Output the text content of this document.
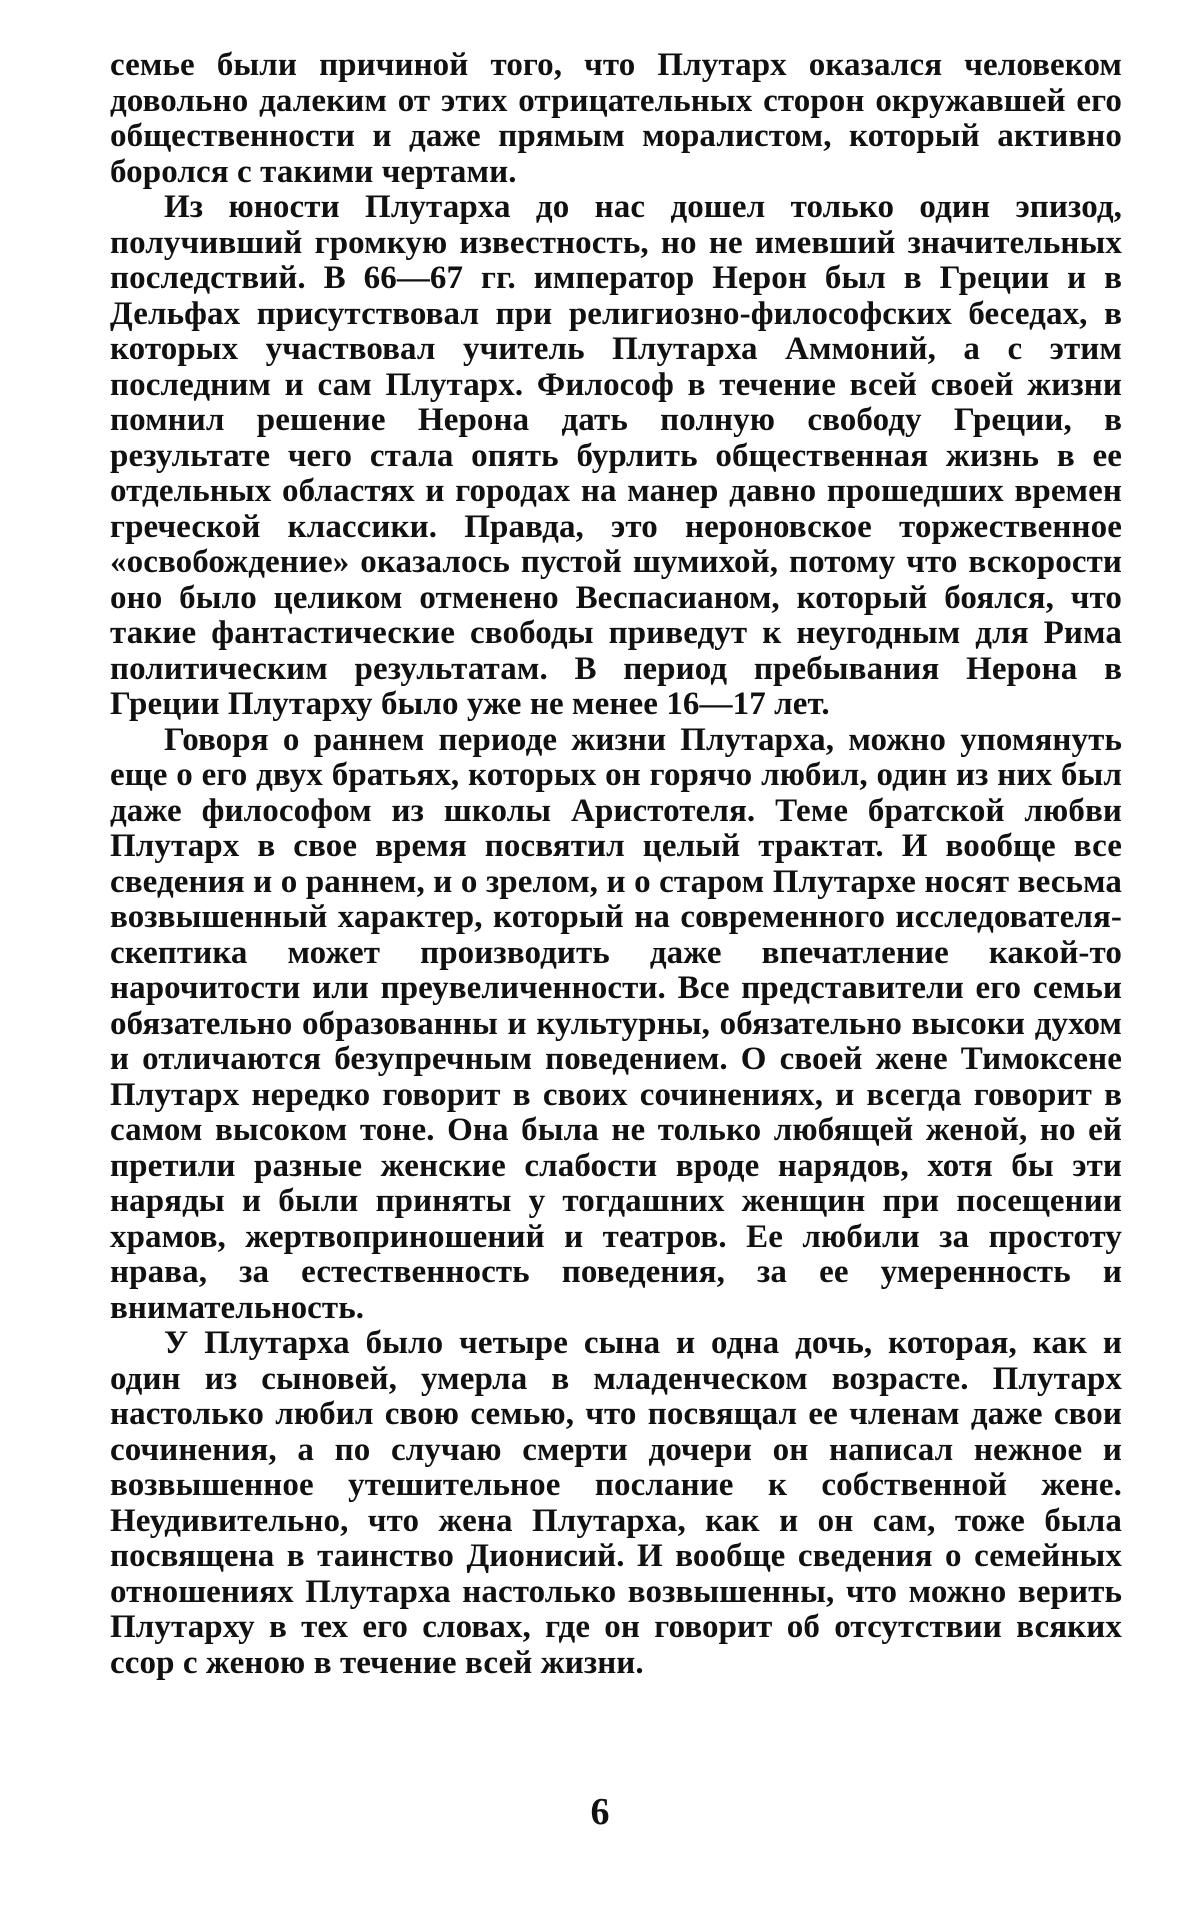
семье были причиной того, что Плутарх оказался человеком довольно далеким от этих отрицательных сторон окружавшей его общественности и даже прямым моралистом, который активно боролся с такими чертами.

Из юности Плутарха до нас дошел только один эпизод, получивший громкую известность, но не имевший значительных последствий. В 66—67 гг. император Нерон был в Греции и в Дельфах присутствовал при религиозно-философских беседах, в которых участвовал учитель Плутарха Аммоний, а с этим последним и сам Плутарх. Философ в течение всей своей жизни помнил решение Нерона дать полную свободу Греции, в результате чего стала опять бурлить общественная жизнь в ее отдельных областях и городах на манер давно прошедших времен греческой классики. Правда, это нероновское торжественное «освобождение» оказалось пустой шумихой, потому что вскорости оно было целиком отменено Веспасианом, который боялся, что такие фантастические свободы приведут к неугодным для Рима политическим результатам. В период пребывания Нерона в Греции Плутарху было уже не менее 16—17 лет.

Говоря о раннем периоде жизни Плутарха, можно упомянуть еще о его двух братьях, которых он горячо любил, один из них был даже философом из школы Аристотеля. Теме братской любви Плутарх в свое время посвятил целый трактат. И вообще все сведения и о раннем, и о зрелом, и о старом Плутархе носят весьма возвышенный характер, который на современного исследователя-скептика может производить даже впечатление какой-то нарочитости или преувеличенности. Все представители его семьи обязательно образованны и культурны, обязательно высоки духом и отличаются безупречным поведением. О своей жене Тимоксене Плутарх нередко говорит в своих сочинениях, и всегда говорит в самом высоком тоне. Она была не только любящей женой, но ей претили разные женские слабости вроде нарядов, хотя бы эти наряды и были приняты у тогдашних женщин при посещении храмов, жертвоприношений и театров. Ее любили за простоту нрава, за естественность поведения, за ее умеренность и внимательность.

У Плутарха было четыре сына и одна дочь, которая, как и один из сыновей, умерла в младенческом возрасте. Плутарх настолько любил свою семью, что посвящал ее членам даже свои сочинения, а по случаю смерти дочери он написал нежное и возвышенное утешительное послание к собственной жене. Неудивительно, что жена Плутарха, как и он сам, тоже была посвящена в таинство Дионисий. И вообще сведения о семейных отношениях Плутарха настолько возвышенны, что можно верить Плутарху в тех его словах, где он говорит об отсутствии всяких ссор с женою в течение всей жизни.

6
